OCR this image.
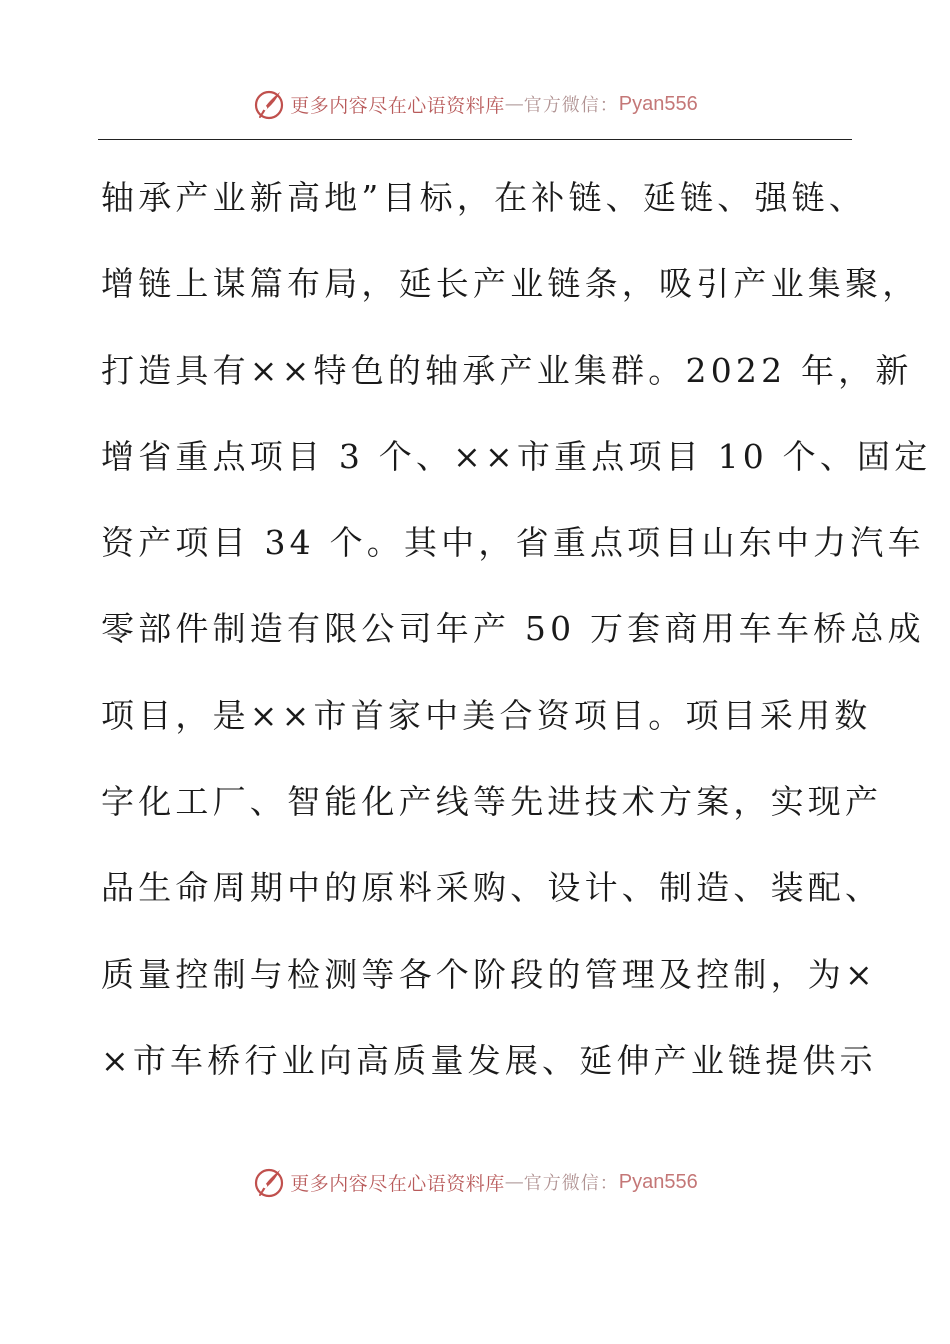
更多内容尽在心语资料库 — 官方微信： Pyan556
轴承产业新高地”目标，在补链、延链、强链、
增链上谋篇布局，延长产业链条，吸引产业集聚，
打造具有××特色的轴承产业集群。2022 年，新
增省重点项目 3 个、××市重点项目 10 个、固定
资产项目 34 个。其中，省重点项目山东中力汽车
零部件制造有限公司年产 50 万套商用车车桥总成
项目，是××市首家中美合资项目。项目采用数
字化工厂、智能化产线等先进技术方案，实现产
品生命周期中的原料采购、设计、制造、装配、
质量控制与检测等各个阶段的管理及控制，为×
×市车桥行业向高质量发展、延伸产业链提供示
更多内容尽在心语资料库 — 官方微信： Pyan556
